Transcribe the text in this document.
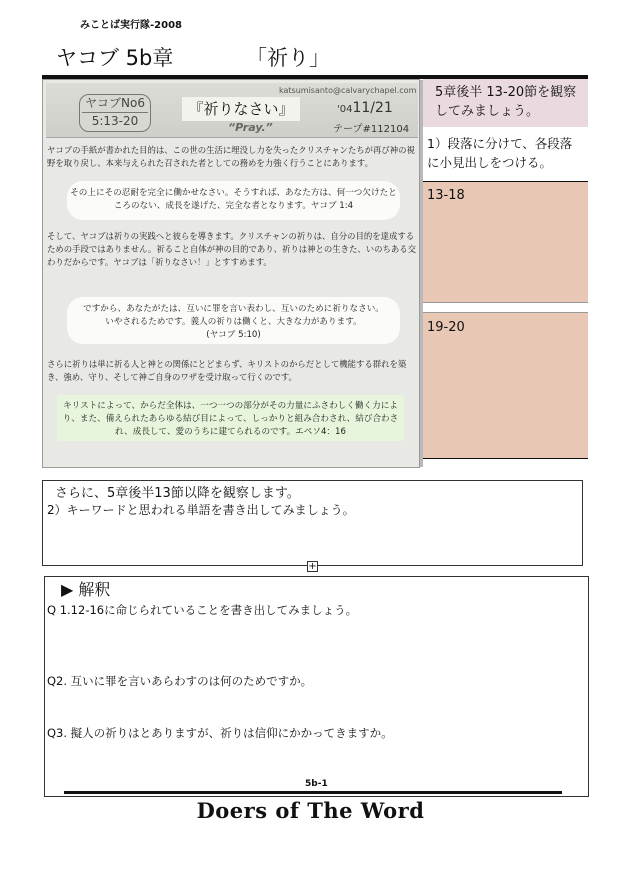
みことば実行隊-2008
ヤコブ 5b章	「祈り」
ヤコブNo6
5:13-20
katsumisanto@calvarychapel.com
『祈りなさい』
“Pray.”
'0411/21
テープ#112104
ヤコブの手紙が書かれた目的は、この世の生活に埋没し力を失ったクリスチャンたちが再び神の視野を取り戻し、本来与えられた召された者としての務めを力強く行うことにあります。
その上にその忍耐を完全に働かせなさい。そうすれば、あなた方は、何一つ欠けたところのない、成長を遂げた、完全な者となります。ヤコブ 1:4
そして、ヤコブは祈りの実践へと彼らを導きます。クリスチャンの祈りは、自分の目的を達成するための手段ではありません。祈ること自体が神の目的であり、祈りは神との生きた、いのちある交わりだからです。ヤコブは「祈りなさい！」とすすめます。
ですから、あなたがたは、互いに罪を言い表わし、互いのために祈りなさい。
いやされるためです。義人の祈りは働くと、大きな力があります。
(ヤコブ 5:10)
さらに祈りは単に祈る人と神との関係にとどまらず、キリストのからだとして機能する群れを築き、強め、守り、そして神ご自身のワザを受け取って行くのです。
キリストによって、からだ全体は、一つ一つの部分がその力量にふさわしく働く力により、また、備えられたあらゆる結び目によって、しっかりと組み合わされ、結び合わされ、成長して、愛のうちに建てられるのです。エペソ4：16
5章後半 13-20節を観察してみましょう。
1）段落に分けて、各段落に小見出しをつける。
13-18
19-20
さらに、5章後半13節以降を観察します。
2）キーワードと思われる単語を書き出してみましょう。
+
▶ 解釈
Q 1.12-16に命じられていることを書き出してみましょう。
Q2. 互いに罪を言いあらわすのは何のためですか。
Q3. 擬人の祈りはとありますが、祈りは信仰にかかってきますか。
5b-1
Doers of The Word
